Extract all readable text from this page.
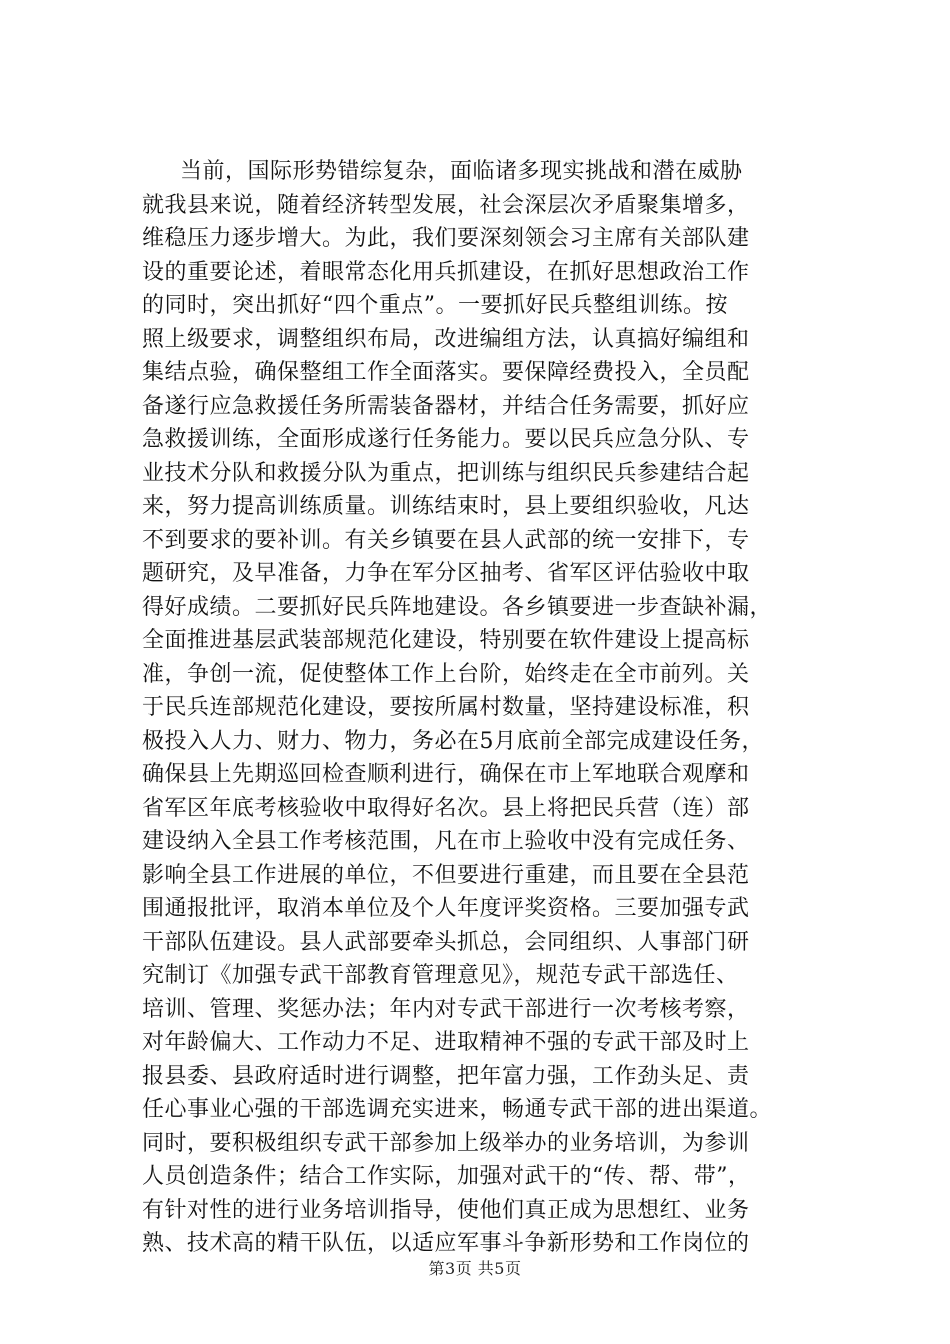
当前，国际形势错综复杂，面临诸多现实挑战和潜在威胁
就我县来说，随着经济转型发展，社会深层次矛盾聚集增多，
维稳压力逐步增大。为此，我们要深刻领会习主席有关部队建
设的重要论述，着眼常态化用兵抓建设，在抓好思想政治工作
的同时，突出抓好“四个重点”。一要抓好民兵整组训练。按
照上级要求，调整组织布局，改进编组方法，认真搞好编组和
集结点验，确保整组工作全面落实。要保障经费投入，全员配
备遂行应急救援任务所需装备器材，并结合任务需要，抓好应
急救援训练，全面形成遂行任务能力。要以民兵应急分队、专
业技术分队和救援分队为重点，把训练与组织民兵参建结合起
来，努力提高训练质量。训练结束时，县上要组织验收，凡达
不到要求的要补训。有关乡镇要在县人武部的统一安排下，专
题研究，及早准备，力争在军分区抽考、省军区评估验收中取
得好成绩。二要抓好民兵阵地建设。各乡镇要进一步查缺补漏，
全面推进基层武装部规范化建设，特别要在软件建设上提高标
准，争创一流，促使整体工作上台阶，始终走在全市前列。关
于民兵连部规范化建设，要按所属村数量，坚持建设标准，积
极投入人力、财力、物力，务必在5月底前全部完成建设任务，
确保县上先期巡回检查顺利进行，确保在市上军地联合观摩和
省军区年底考核验收中取得好名次。县上将把民兵营（连）部
建设纳入全县工作考核范围，凡在市上验收中没有完成任务、
影响全县工作进展的单位，不但要进行重建，而且要在全县范
围通报批评，取消本单位及个人年度评奖资格。三要加强专武
干部队伍建设。县人武部要牵头抓总，会同组织、人事部门研
究制订《加强专武干部教育管理意见》，规范专武干部选任、
培训、管理、奖惩办法；年内对专武干部进行一次考核考察，
对年龄偏大、工作动力不足、进取精神不强的专武干部及时上
报县委、县政府适时进行调整，把年富力强，工作劲头足、责
任心事业心强的干部选调充实进来，畅通专武干部的进出渠道。
同时，要积极组织专武干部参加上级举办的业务培训，为参训
人员创造条件；结合工作实际，加强对武干的“传、帮、带”，
有针对性的进行业务培训指导，使他们真正成为思想红、业务
熟、技术高的精干队伍，以适应军事斗争新形势和工作岗位的
第3页 共5页
